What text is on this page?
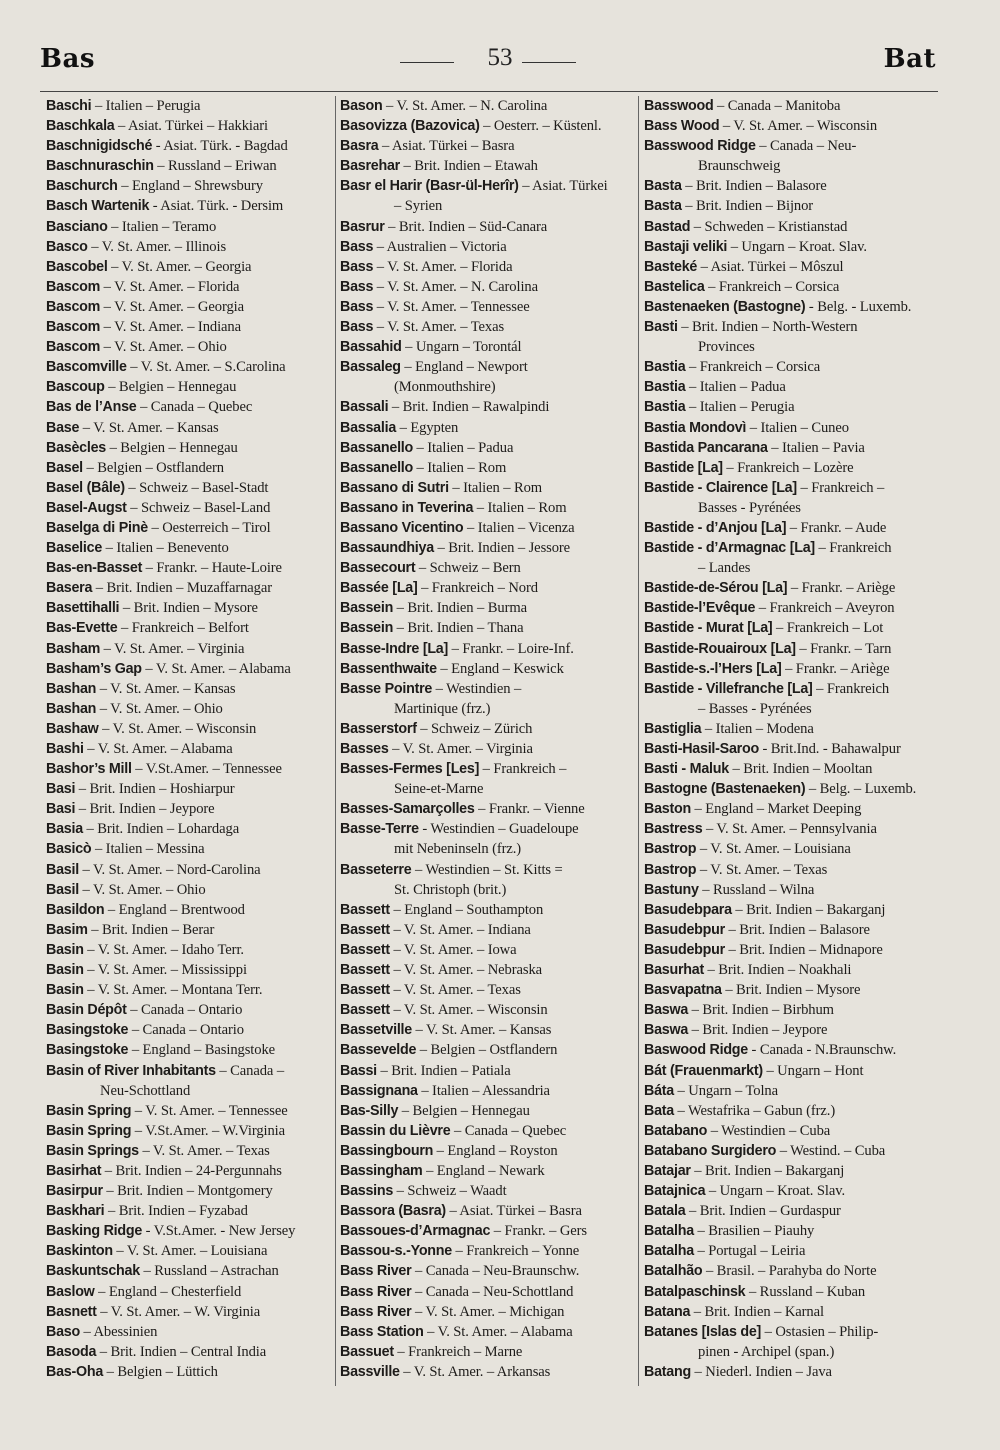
Bas	53	Bat
Baschi – Italien – Perugia
Baschkala – Asiat. Türkei – Hakkiari
Baschnigidsché - Asiat. Türk. - Bagdad
Baschnuraschin – Russland – Eriwan
Baschurch – England – Shrewsbury
Basch Wartenik - Asiat. Türk. - Dersim
Basciano – Italien – Teramo
Basco – V. St. Amer. – Illinois
Bascobel – V. St. Amer. – Georgia
Bascom – V. St. Amer. – Florida
Bascom – V. St. Amer. – Georgia
Bascom – V. St. Amer. – Indiana
Bascom – V. St. Amer. – Ohio
Bascomville – V. St. Amer. – S.Carolina
Bascoup – Belgien – Hennegau
Bas de l’Anse – Canada – Quebec
Base – V. St. Amer. – Kansas
Basècles – Belgien – Hennegau
Basel – Belgien – Ostflandern
Basel (Bâle) – Schweiz – Basel-Stadt
Basel-Augst – Schweiz – Basel-Land
Baselga di Pinè – Oesterreich – Tirol
Baselice – Italien – Benevento
Bas-en-Basset – Frankr. – Haute-Loire
Basera – Brit. Indien – Muzaffarnagar
Basettihalli – Brit. Indien – Mysore
Bas-Evette – Frankreich – Belfort
Basham – V. St. Amer. – Virginia
Basham’s Gap – V. St. Amer. – Alabama
Bashan – V. St. Amer. – Kansas
Bashan – V. St. Amer. – Ohio
Bashaw – V. St. Amer. – Wisconsin
Bashi – V. St. Amer. – Alabama
Bashor’s Mill – V.St.Amer. – Tennessee
Basi – Brit. Indien – Hoshiarpur
Basi – Brit. Indien – Jeypore
Basia – Brit. Indien – Lohardaga
Basicò – Italien – Messina
Basil – V. St. Amer. – Nord-Carolina
Basil – V. St. Amer. – Ohio
Basildon – England – Brentwood
Basim – Brit. Indien – Berar
Basin – V. St. Amer. – Idaho Terr.
Basin – V. St. Amer. – Mississippi
Basin – V. St. Amer. – Montana Terr.
Basin Dépôt – Canada – Ontario
Basingstoke – Canada – Ontario
Basingstoke – England – Basingstoke
Basin of River Inhabitants – Canada –
Neu-Schottland
Basin Spring – V. St. Amer. – Tennessee
Basin Spring – V.St.Amer. – W.Virginia
Basin Springs – V. St. Amer. – Texas
Basirhat – Brit. Indien – 24-Pergunnahs
Basirpur – Brit. Indien – Montgomery
Baskhari – Brit. Indien – Fyzabad
Basking Ridge - V.St.Amer. - New Jersey
Baskinton – V. St. Amer. – Louisiana
Baskuntschak – Russland – Astrachan
Baslow – England – Chesterfield
Basnett – V. St. Amer. – W. Virginia
Baso – Abessinien
Basoda – Brit. Indien – Central India
Bas-Oha – Belgien – Lüttich
Bason – V. St. Amer. – N. Carolina
Basovizza (Bazovica) – Oesterr. – Küstenl.
Basra – Asiat. Türkei – Basra
Basrehar – Brit. Indien – Etawah
Basr el Harir (Basr-ül-Herîr) – Asiat. Türkei
– Syrien
Basrur – Brit. Indien – Süd-Canara
Bass – Australien – Victoria
Bass – V. St. Amer. – Florida
Bass – V. St. Amer. – N. Carolina
Bass – V. St. Amer. – Tennessee
Bass – V. St. Amer. – Texas
Bassahid – Ungarn – Torontál
Bassaleg – England – Newport
(Monmouthshire)
Bassali – Brit. Indien – Rawalpindi
Bassalia – Egypten
Bassanello – Italien – Padua
Bassanello – Italien – Rom
Bassano di Sutri – Italien – Rom
Bassano in Teverina – Italien – Rom
Bassano Vicentino – Italien – Vicenza
Bassaundhiya – Brit. Indien – Jessore
Bassecourt – Schweiz – Bern
Bassée [La] – Frankreich – Nord
Bassein – Brit. Indien – Burma
Bassein – Brit. Indien – Thana
Basse-Indre [La] – Frankr. – Loire-Inf.
Bassenthwaite – England – Keswick
Basse Pointre – Westindien –
Martinique (frz.)
Basserstorf – Schweiz – Zürich
Basses – V. St. Amer. – Virginia
Basses-Fermes [Les] – Frankreich –
Seine-et-Marne
Basses-Samarçolles – Frankr. – Vienne
Basse-Terre - Westindien – Guadeloupe
mit Nebeninseln (frz.)
Basseterre – Westindien – St. Kitts =
St. Christoph (brit.)
Bassett – England – Southampton
Bassett – V. St. Amer. – Indiana
Bassett – V. St. Amer. – Iowa
Bassett – V. St. Amer. – Nebraska
Bassett – V. St. Amer. – Texas
Bassett – V. St. Amer. – Wisconsin
Bassetville – V. St. Amer. – Kansas
Bassevelde – Belgien – Ostflandern
Bassi – Brit. Indien – Patiala
Bassignana – Italien – Alessandria
Bas-Silly – Belgien – Hennegau
Bassin du Lièvre – Canada – Quebec
Bassingbourn – England – Royston
Bassingham – England – Newark
Bassins – Schweiz – Waadt
Bassora (Basra) – Asiat. Türkei – Basra
Bassoues-d’Armagnac – Frankr. – Gers
Bassou-s.-Yonne – Frankreich – Yonne
Bass River – Canada – Neu-Braunschw.
Bass River – Canada – Neu-Schottland
Bass River – V. St. Amer. – Michigan
Bass Station – V. St. Amer. – Alabama
Bassuet – Frankreich – Marne
Bassville – V. St. Amer. – Arkansas
Basswood – Canada – Manitoba
Bass Wood – V. St. Amer. – Wisconsin
Basswood Ridge – Canada – Neu-
Braunschweig
Basta – Brit. Indien – Balasore
Basta – Brit. Indien – Bijnor
Bastad – Schweden – Kristianstad
Bastaji veliki – Ungarn – Kroat. Slav.
Basteké – Asiat. Türkei – Môszul
Bastelica – Frankreich – Corsica
Bastenaeken (Bastogne) - Belg. - Luxemb.
Basti – Brit. Indien – North-Western
Provinces
Bastia – Frankreich – Corsica
Bastia – Italien – Padua
Bastia – Italien – Perugia
Bastia Mondovì – Italien – Cuneo
Bastida Pancarana – Italien – Pavia
Bastide [La] – Frankreich – Lozère
Bastide - Clairence [La] – Frankreich –
Basses - Pyrénées
Bastide - d’Anjou [La] – Frankr. – Aude
Bastide - d’Armagnac [La] – Frankreich
– Landes
Bastide-de-Sérou [La] – Frankr. – Ariège
Bastide-l’Evêque – Frankreich – Aveyron
Bastide - Murat [La] – Frankreich – Lot
Bastide-Rouairoux [La] – Frankr. – Tarn
Bastide-s.-l’Hers [La] – Frankr. – Ariège
Bastide - Villefranche [La] – Frankreich
– Basses - Pyrénées
Bastiglia – Italien – Modena
Basti-Hasil-Saroo - Brit.Ind. - Bahawalpur
Basti - Maluk – Brit. Indien – Mooltan
Bastogne (Bastenaeken) – Belg. – Luxemb.
Baston – England – Market Deeping
Bastress – V. St. Amer. – Pennsylvania
Bastrop – V. St. Amer. – Louisiana
Bastrop – V. St. Amer. – Texas
Bastuny – Russland – Wilna
Basudebpara – Brit. Indien – Bakarganj
Basudebpur – Brit. Indien – Balasore
Basudebpur – Brit. Indien – Midnapore
Basurhat – Brit. Indien – Noakhali
Basvapatna – Brit. Indien – Mysore
Baswa – Brit. Indien – Birbhum
Baswa – Brit. Indien – Jeypore
Baswood Ridge - Canada - N.Braunschw.
Bát (Frauenmarkt) – Ungarn – Hont
Báta – Ungarn – Tolna
Bata – Westafrika – Gabun (frz.)
Batabano – Westindien – Cuba
Batabano Surgidero – Westind. – Cuba
Batajar – Brit. Indien – Bakarganj
Batajnica – Ungarn – Kroat. Slav.
Batala – Brit. Indien – Gurdaspur
Batalha – Brasilien – Piauhy
Batalha – Portugal – Leiria
Batalhão – Brasil. – Parahyba do Norte
Batalpaschinsk – Russland – Kuban
Batana – Brit. Indien – Karnal
Batanes [Islas de] – Ostasien – Philip-
pinen - Archipel (span.)
Batang – Niederl. Indien – Java
